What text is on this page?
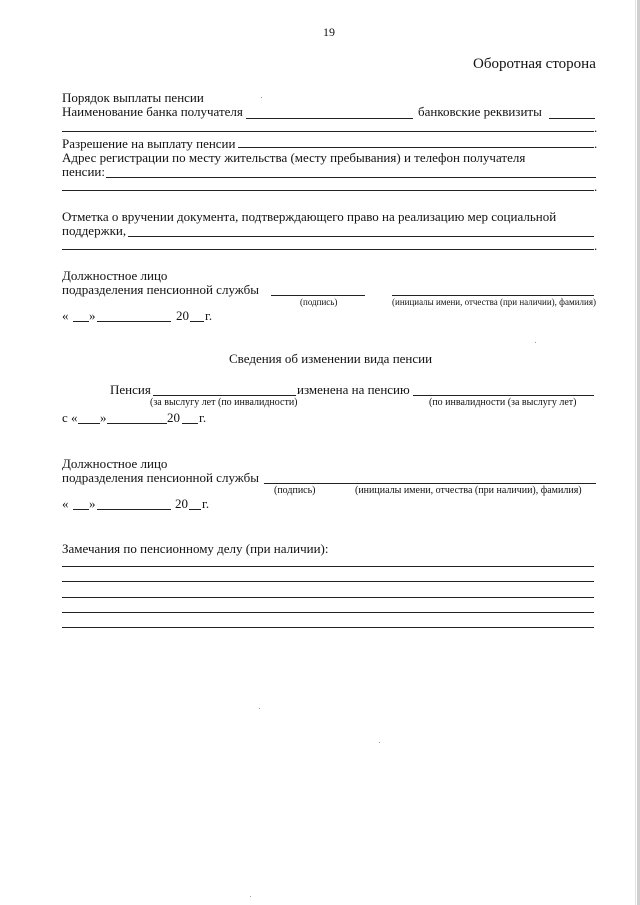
19
Оборотная сторона
Порядок выплаты пенсии
Наименование банка получателя	банковские реквизиты
.
Разрешение на выплату пенсии	.
Адрес регистрации по месту жительства (месту пребывания) и телефон получателя
пенсии:
.
Отметка о вручении документа, подтверждающего право на реализацию мер социальной
поддержки,
.
Должностное лицо
подразделения пенсионной службы
(подпись)	(инициалы имени, отчества (при наличии), фамилия)
« »	20 г.
Сведения об изменении вида пенсии
Пенсия	изменена на пенсию
(за выслугу лет (по инвалидности)	(по инвалидности (за выслугу лет)
с « »	20 г.
Должностное лицо
подразделения пенсионной службы
(подпись)	(инициалы имени, отчества (при наличии), фамилия)
« »	20 г.
Замечания по пенсионному делу (при наличии):
